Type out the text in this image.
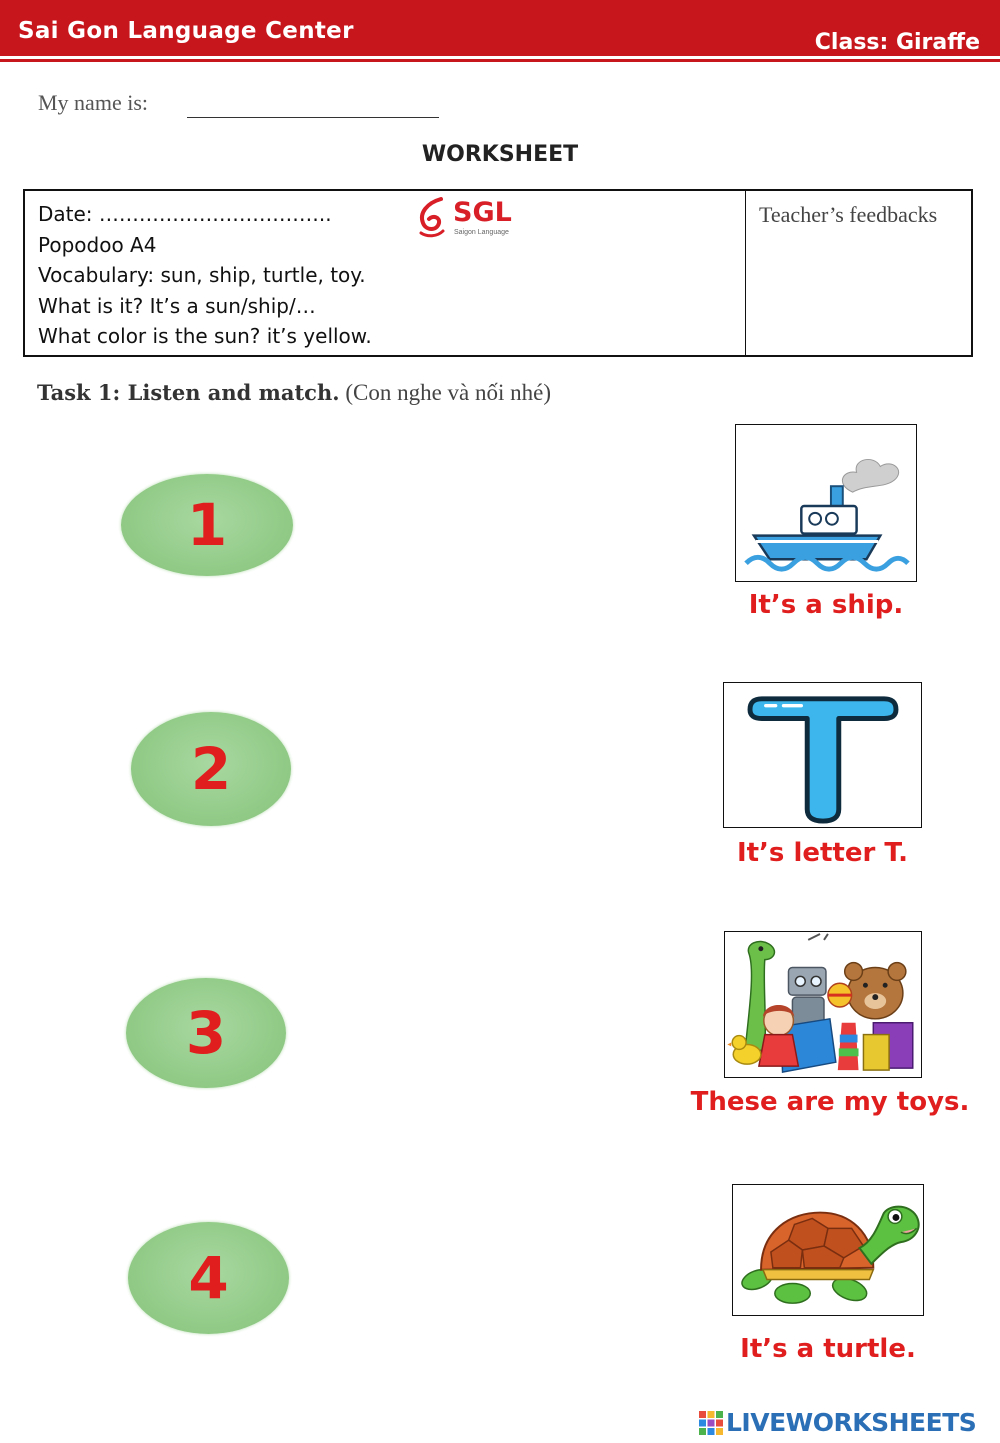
Sai Gon Language Center	Class: Giraffe
My name is:
WORKSHEET
Date: ……………………………..
Popodoo A4
Vocabulary: sun, ship, turtle, toy.
What is it? It’s a sun/ship/…
What color is the sun? it’s yellow.
SGL
Saigon Language
Teacher’s feedbacks
Task 1: Listen and match. (Con nghe và nối nhé)
1
2
3
4
It’s a ship.
It’s letter T.
These are my toys.
It’s a turtle.
LIVEWORKSHEETS
